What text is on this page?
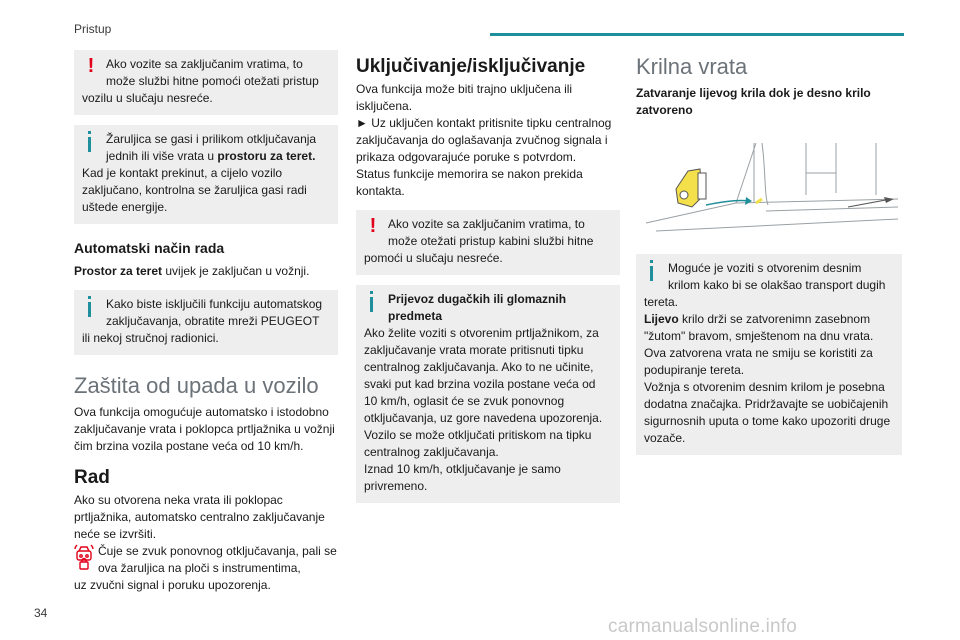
Pristup
! Ako vozite sa zaključanim vratima, to može službi hitne pomoći otežati pristup
vozilu u slučaju nesreće.
Žaruljica se gasi i prilikom otključavanja jednih ili više vrata u prostoru za teret.
Kad je kontakt prekinut, a cijelo vozilo zaključano, kontrolna se žaruljica gasi radi uštede energije.
Automatski način rada
Prostor za teret uvijek je zaključan u vožnji.
Kako biste isključili funkciju automatskog zaključavanja, obratite mreži PEUGEOT
ili nekoj stručnoj radionici.
Zaštita od upada u vozilo
Ova funkcija omogućuje automatsko i istodobno zaključavanje vrata i poklopca prtljažnika u vožnji čim brzina vozila postane veća od 10 km/h.
Rad
Ako su otvorena neka vrata ili poklopac prtljažnika, automatsko centralno zaključavanje neće se izvršiti.
Čuje se zvuk ponovnog otključavanja, pali se ova žaruljica na ploči s instrumentima,
uz zvučni signal i poruku upozorenja.
Uključivanje/isključivanje
Ova funkcija može biti trajno uključena ili isključena.
► Uz uključen kontakt pritisnite tipku centralnog zaključavanja do oglašavanja zvučnog signala i prikaza odgovarajuće poruke s potvrdom.
Status funkcije memorira se nakon prekida kontakta.
! Ako vozite sa zaključanim vratima, to može otežati pristup kabini službi hitne
pomoći u slučaju nesreće.
Prijevoz dugačkih ili glomaznih predmeta
Ako želite voziti s otvorenim prtljažnikom, za zaključavanje vrata morate pritisnuti tipku centralnog zaključavanja. Ako to ne učinite, svaki put kad brzina vozila postane veća od 10 km/h, oglasit će se zvuk ponovnog otključavanja, uz gore navedena upozorenja. Vozilo se može otključati pritiskom na tipku centralnog zaključavanja.
Iznad 10 km/h, otključavanje je samo privremeno.
Krilna vrata
Zatvaranje lijevog krila dok je desno krilo zatvoreno
Moguće je voziti s otvorenim desnim krilom kako bi se olakšao transport dugih
tereta.
Lijevo krilo drži se zatvorenimn zasebnom "žutom" bravom, smještenom na dnu vrata.
Ova zatvorena vrata ne smiju se koristiti za podupiranje tereta.
Vožnja s otvorenim desnim krilom je posebna dodatna značajka. Pridržavajte se uobičajenih sigurnosnih uputa o tome kako upozoriti druge vozače.
34
carmanualsonline.info
